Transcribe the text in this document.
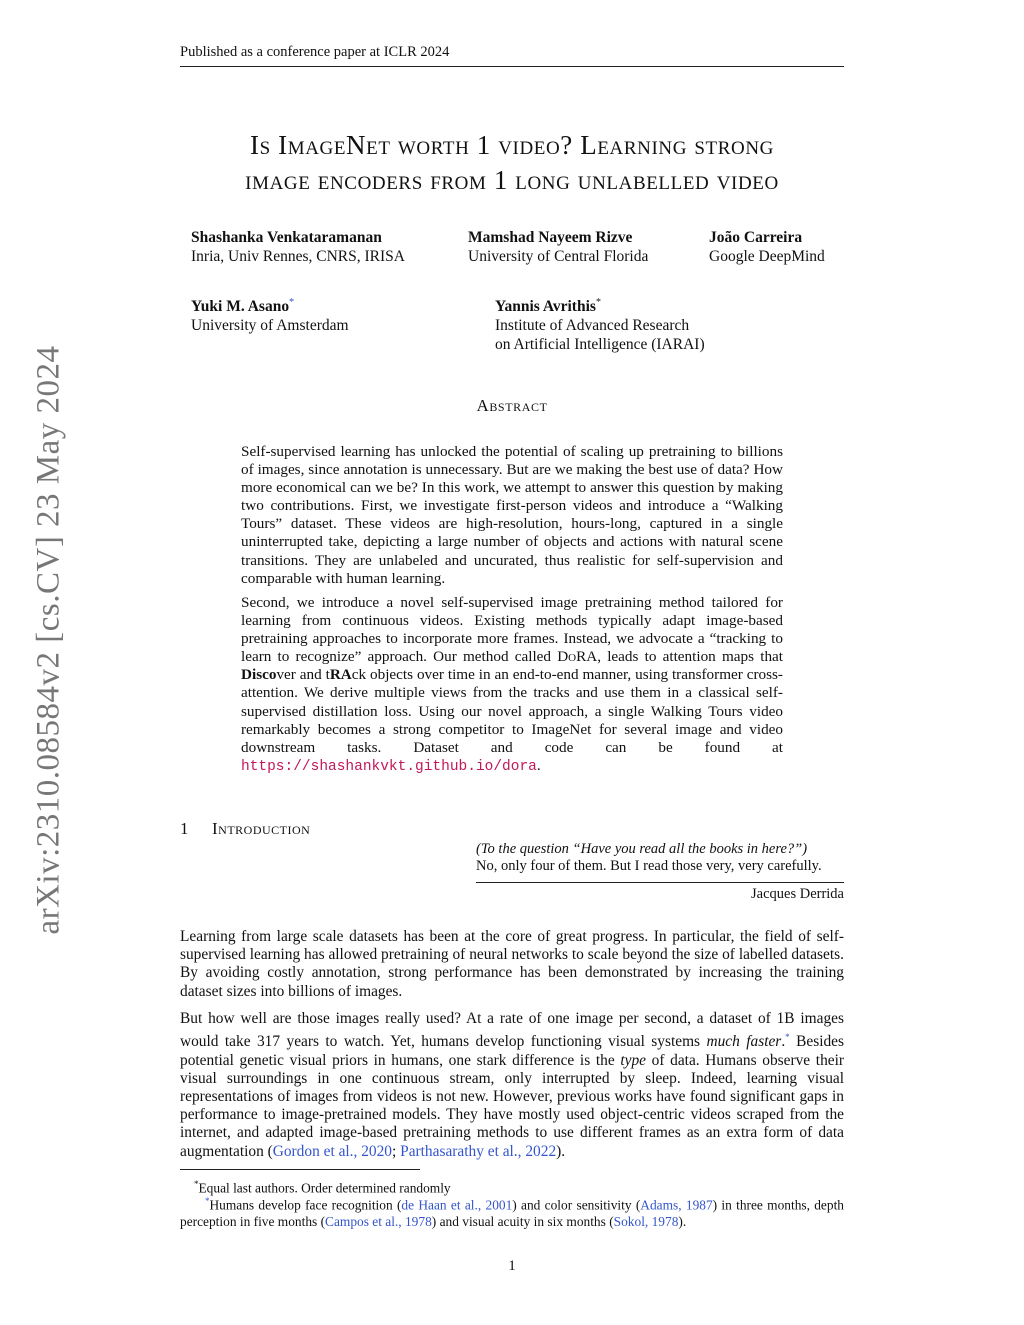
Published as a conference paper at ICLR 2024
Is ImageNet worth 1 video? Learning strong
image encoders from 1 long unlabelled video
Shashanka Venkataramanan
Inria, Univ Rennes, CNRS, IRISA
Mamshad Nayeem Rizve
University of Central Florida
João Carreira
Google DeepMind
Yuki M. Asano*
University of Amsterdam
Yannis Avrithis*
Institute of Advanced Research
on Artificial Intelligence (IARAI)
arXiv:2310.08584v2 [cs.CV] 23 May 2024	Abstract
Self-supervised learning has unlocked the potential of scaling up pretraining to billions of images, since annotation is unnecessary. But are we making the best use of data? How more economical can we be? In this work, we attempt to answer this question by making two contributions. First, we investigate first-person videos and introduce a “Walking Tours” dataset. These videos are high-resolution, hours-long, captured in a single uninterrupted take, depicting a large number of objects and actions with natural scene transitions. They are unlabeled and uncurated, thus realistic for self-supervision and comparable with human learning.
Second, we introduce a novel self-supervised image pretraining method tailored for learning from continuous videos. Existing methods typically adapt image-based pretraining approaches to incorporate more frames. Instead, we advocate a “tracking to learn to recognize” approach. Our method called DoRA, leads to attention maps that Discover and tRAck objects over time in an end-to-end manner, using transformer cross-attention. We derive multiple views from the tracks and use them in a classical self-supervised distillation loss. Using our novel approach, a single Walking Tours video remarkably becomes a strong competitor to ImageNet for several image and video downstream tasks. Dataset and code can be found at https://shashankvkt.github.io/dora.
1 Introduction
(To the question “Have you read all the books in here?”)
No, only four of them. But I read those very, very carefully.
Jacques Derrida
Learning from large scale datasets has been at the core of great progress. In particular, the field of self-supervised learning has allowed pretraining of neural networks to scale beyond the size of labelled datasets. By avoiding costly annotation, strong performance has been demonstrated by increasing the training dataset sizes into billions of images.
But how well are those images really used? At a rate of one image per second, a dataset of 1B images would take 317 years to watch. Yet, humans develop functioning visual systems much faster.* Besides potential genetic visual priors in humans, one stark difference is the type of data. Humans observe their visual surroundings in one continuous stream, only interrupted by sleep. Indeed, learning visual representations of images from videos is not new. However, previous works have found significant gaps in performance to image-pretrained models. They have mostly used object-centric videos scraped from the internet, and adapted image-based pretraining methods to use different frames as an extra form of data augmentation (Gordon et al., 2020; Parthasarathy et al., 2022).
*Equal last authors. Order determined randomly
*Humans develop face recognition (de Haan et al., 2001) and color sensitivity (Adams, 1987) in three months, depth perception in five months (Campos et al., 1978) and visual acuity in six months (Sokol, 1978).
1
